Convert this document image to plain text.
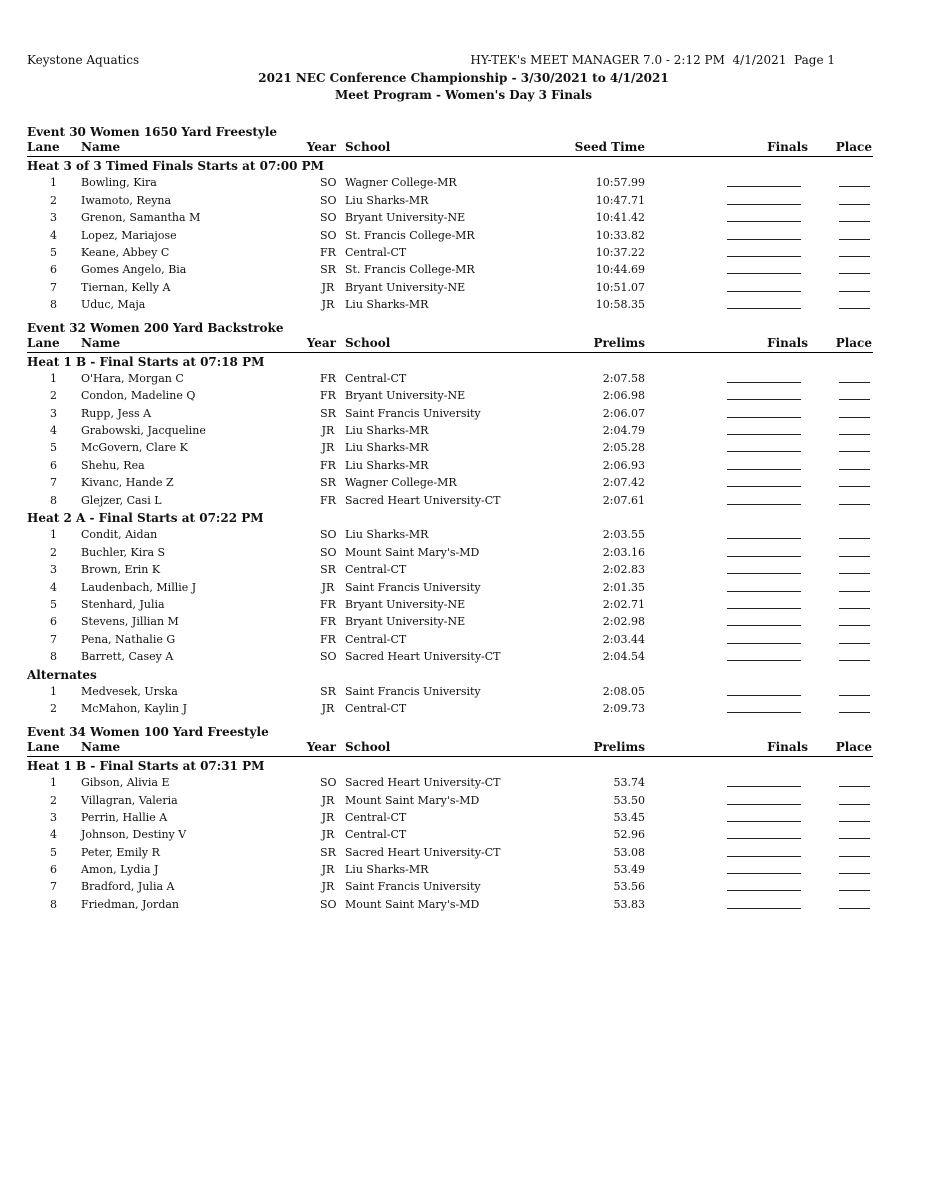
Keystone Aquatics	HY-TEK's MEET MANAGER 7.0 - 2:12 PM  4/1/2021  Page 1
2021 NEC Conference Championship - 3/30/2021 to 4/1/2021
Meet Program - Women's Day 3 Finals
Event 30 Women 1650 Yard Freestyle
Lane Name	Year School	Seed Time	Finals Place
Heat 3 of 3 Timed Finals Starts at 07:00 PM
1 Bowling, Kira	SO Wagner College-MR	10:57.99
2 Iwamoto, Reyna	SO Liu Sharks-MR	10:47.71
3 Grenon, Samantha M	SO Bryant University-NE	10:41.42
4 Lopez, Mariajose	SO St. Francis College-MR	10:33.82
5 Keane, Abbey C	FR Central-CT	10:37.22
6 Gomes Angelo, Bia	SR St. Francis College-MR	10:44.69
7 Tiernan, Kelly A	JR Bryant University-NE	10:51.07
8 Uduc, Maja	JR Liu Sharks-MR	10:58.35
Event 32 Women 200 Yard Backstroke
Lane Name	Year School	Prelims	Finals Place
Heat 1 B - Final Starts at 07:18 PM
1 O'Hara, Morgan C	FR Central-CT	2:07.58
2 Condon, Madeline Q	FR Bryant University-NE	2:06.98
3 Rupp, Jess A	SR Saint Francis University	2:06.07
4 Grabowski, Jacqueline	JR Liu Sharks-MR	2:04.79
5 McGovern, Clare K	JR Liu Sharks-MR	2:05.28
6 Shehu, Rea	FR Liu Sharks-MR	2:06.93
7 Kivanc, Hande Z	SR Wagner College-MR	2:07.42
8 Glejzer, Casi L	FR Sacred Heart University-CT	2:07.61
Heat 2 A - Final Starts at 07:22 PM
1 Condit, Aidan	SO Liu Sharks-MR	2:03.55
2 Buchler, Kira S	SO Mount Saint Mary's-MD	2:03.16
3 Brown, Erin K	SR Central-CT	2:02.83
4 Laudenbach, Millie J	JR Saint Francis University	2:01.35
5 Stenhard, Julia	FR Bryant University-NE	2:02.71
6 Stevens, Jillian M	FR Bryant University-NE	2:02.98
7 Pena, Nathalie G	FR Central-CT	2:03.44
8 Barrett, Casey A	SO Sacred Heart University-CT	2:04.54
Alternates
1 Medvesek, Urska	SR Saint Francis University	2:08.05
2 McMahon, Kaylin J	JR Central-CT	2:09.73
Event 34 Women 100 Yard Freestyle
Lane Name	Year School	Prelims	Finals Place
Heat 1 B - Final Starts at 07:31 PM
1 Gibson, Alivia E	SO Sacred Heart University-CT	53.74
2 Villagran, Valeria	JR Mount Saint Mary's-MD	53.50
3 Perrin, Hallie A	JR Central-CT	53.45
4 Johnson, Destiny V	JR Central-CT	52.96
5 Peter, Emily R	SR Sacred Heart University-CT	53.08
6 Amon, Lydia J	JR Liu Sharks-MR	53.49
7 Bradford, Julia A	JR Saint Francis University	53.56
8 Friedman, Jordan	SO Mount Saint Mary's-MD	53.83
